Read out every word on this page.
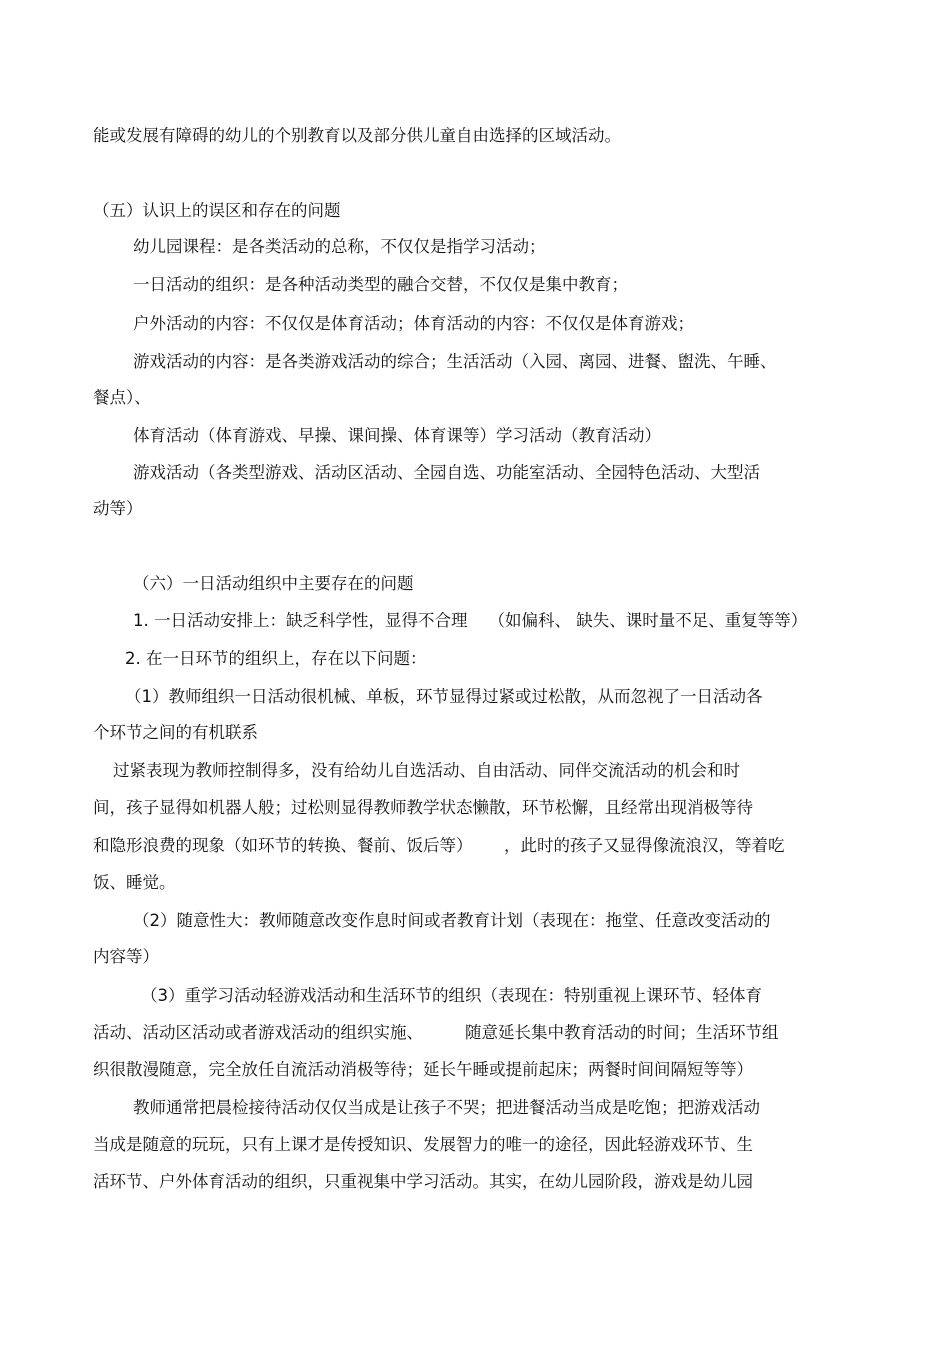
能或发展有障碍的幼儿的个别教育以及部分供儿童自由选择的区域活动。

（五）认识上的误区和存在的问题

幼儿园课程：是各类活动的总称，不仅仅是指学习活动；

一日活动的组织：是各种活动类型的融合交替，不仅仅是集中教育；

户外活动的内容：不仅仅是体育活动；体育活动的内容：不仅仅是体育游戏；

游戏活动的内容：是各类游戏活动的综合；生活活动（入园、离园、进餐、盥洗、午睡、

餐点）、

体育活动（体育游戏、早操、课间操、体育课等）学习活动（教育活动）

游戏活动（各类型游戏、活动区活动、全园自选、功能室活动、全园特色活动、大型活

动等）

（六）一日活动组织中主要存在的问题

1. 一日活动安排上：缺乏科学性，显得不合理    （如偏科、 缺失、课时量不足、重复等等）

2. 在一日环节的组织上，存在以下问题：

（1）教师组织一日活动很机械、单板，环节显得过紧或过松散，从而忽视了一日活动各

个环节之间的有机联系

过紧表现为教师控制得多，没有给幼儿自选活动、自由活动、同伴交流活动的机会和时

间，孩子显得如机器人般；过松则显得教师教学状态懒散，环节松懈，且经常出现消极等待

和隐形浪费的现象（如环节的转换、餐前、饭后等）      ，此时的孩子又显得像流浪汉，等着吃

饭、睡觉。

（2）随意性大：教师随意改变作息时间或者教育计划（表现在：拖堂、任意改变活动的

内容等）

（3）重学习活动轻游戏活动和生活环节的组织（表现在：特别重视上课环节、轻体育

活动、活动区活动或者游戏活动的组织实施、        随意延长集中教育活动的时间；生活环节组

织很散漫随意，完全放任自流活动消极等待；延长午睡或提前起床；两餐时间间隔短等等）

教师通常把晨检接待活动仅仅当成是让孩子不哭；把进餐活动当成是吃饱；把游戏活动

当成是随意的玩玩，只有上课才是传授知识、发展智力的唯一的途径，因此轻游戏环节、生

活环节、户外体育活动的组织，只重视集中学习活动。其实，在幼儿园阶段，游戏是幼儿园
